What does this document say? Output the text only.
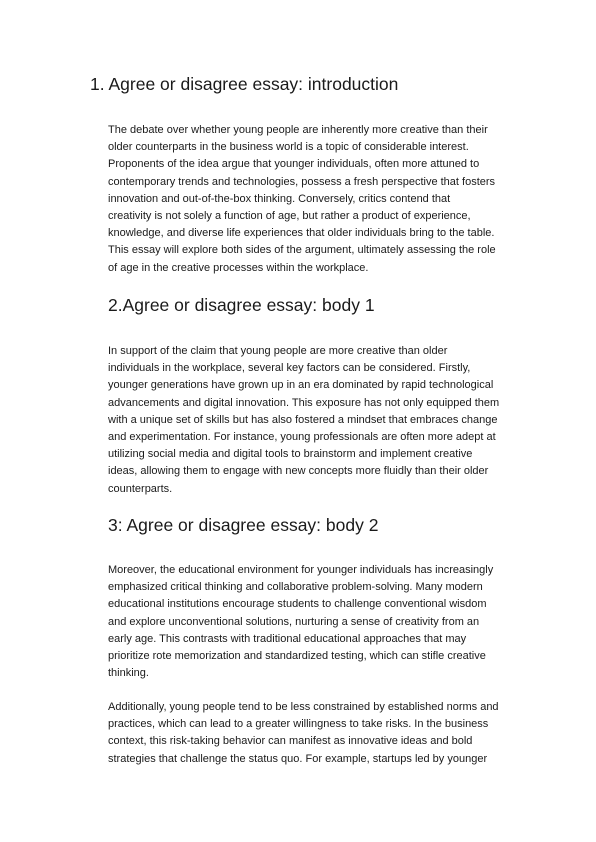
1. Agree or disagree essay: introduction
The debate over whether young people are inherently more creative than their
older counterparts in the business world is a topic of considerable interest.
Proponents of the idea argue that younger individuals, often more attuned to
contemporary trends and technologies, possess a fresh perspective that fosters
innovation and out-of-the-box thinking. Conversely, critics contend that
creativity is not solely a function of age, but rather a product of experience,
knowledge, and diverse life experiences that older individuals bring to the table.
This essay will explore both sides of the argument, ultimately assessing the role
of age in the creative processes within the workplace.
2.Agree or disagree essay: body 1
In support of the claim that young people are more creative than older
individuals in the workplace, several key factors can be considered. Firstly,
younger generations have grown up in an era dominated by rapid technological
advancements and digital innovation. This exposure has not only equipped them
with a unique set of skills but has also fostered a mindset that embraces change
and experimentation. For instance, young professionals are often more adept at
utilizing social media and digital tools to brainstorm and implement creative
ideas, allowing them to engage with new concepts more fluidly than their older
counterparts.
3: Agree or disagree essay: body 2
Moreover, the educational environment for younger individuals has increasingly
emphasized critical thinking and collaborative problem-solving. Many modern
educational institutions encourage students to challenge conventional wisdom
and explore unconventional solutions, nurturing a sense of creativity from an
early age. This contrasts with traditional educational approaches that may
prioritize rote memorization and standardized testing, which can stifle creative
thinking.
Additionally, young people tend to be less constrained by established norms and
practices, which can lead to a greater willingness to take risks. In the business
context, this risk-taking behavior can manifest as innovative ideas and bold
strategies that challenge the status quo. For example, startups led by younger
